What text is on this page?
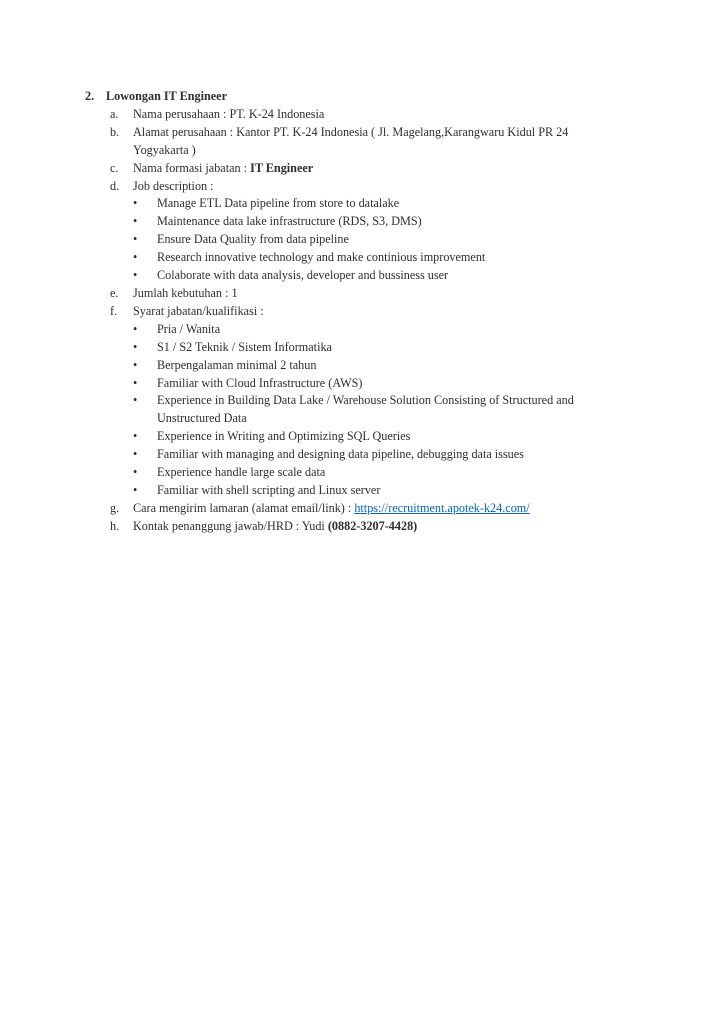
2. Lowongan IT Engineer
a.	Nama perusahaan : PT. K-24 Indonesia
b.	Alamat perusahaan : Kantor PT. K-24 Indonesia ( Jl. Magelang,Karangwaru Kidul PR 24
Yogyakarta )
c.	Nama formasi jabatan : IT Engineer
d.	Job description :
•	Manage ETL Data pipeline from store to datalake
•	Maintenance data lake infrastructure (RDS, S3, DMS)
•	Ensure Data Quality from data pipeline
•	Research innovative technology and make continious improvement
•	Colaborate with data analysis, developer and bussiness user
e.	Jumlah kebutuhan : 1
f.	Syarat jabatan/kualifikasi :
•	Pria / Wanita
•	S1 / S2 Teknik / Sistem Informatika
•	Berpengalaman minimal 2 tahun
•	Familiar with Cloud Infrastructure (AWS)
•	Experience in Building Data Lake / Warehouse Solution Consisting of Structured and
Unstructured Data
•	Experience in Writing and Optimizing SQL Queries
•	Familiar with managing and designing data pipeline, debugging data issues
•	Experience handle large scale data
•	Familiar with shell scripting and Linux server
g.	Cara mengirim lamaran (alamat email/link) : https://recruitment.apotek-k24.com/
h.	Kontak penanggung jawab/HRD : Yudi (0882-3207-4428)
